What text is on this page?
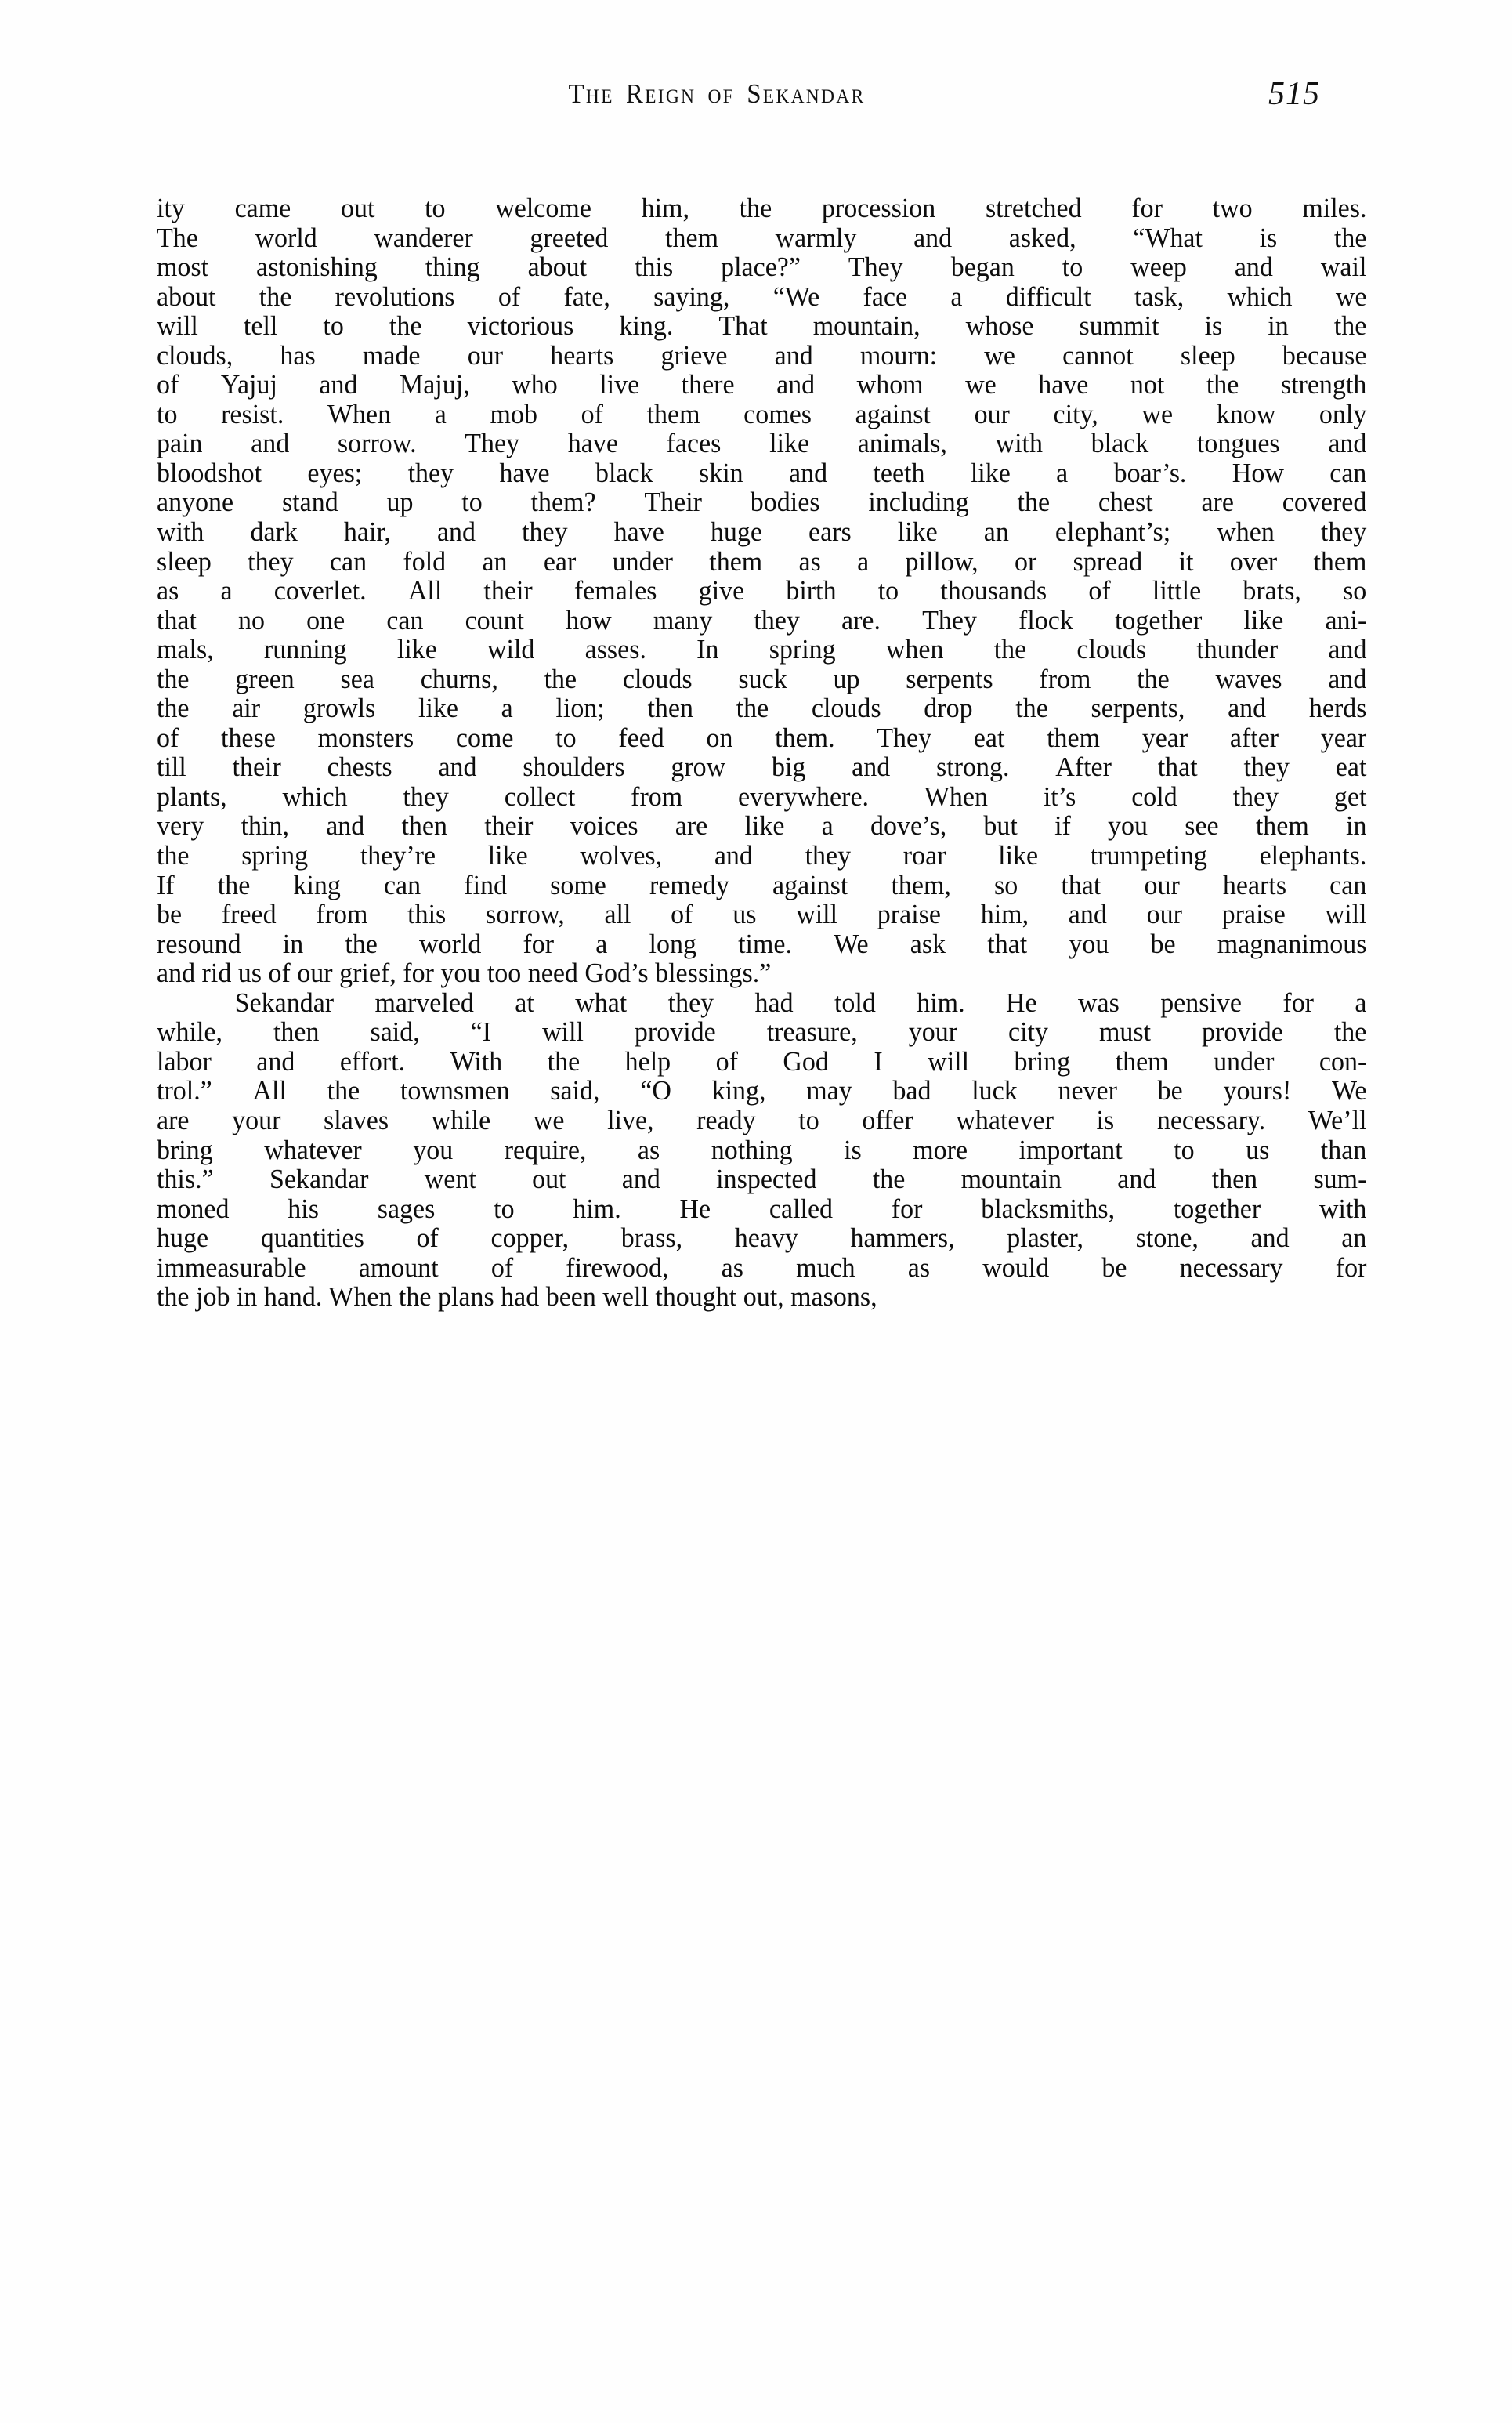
The Reign of Sekandar	515
ity came out to welcome him, the procession stretched for two miles.
The world wanderer greeted them warmly and asked, “What is the
most astonishing thing about this place?” They began to weep and wail
about the revolutions of fate, saying, “We face a difficult task, which we
will tell to the victorious king. That mountain, whose summit is in the
clouds, has made our hearts grieve and mourn: we cannot sleep because
of Yajuj and Majuj, who live there and whom we have not the strength
to resist. When a mob of them comes against our city, we know only
pain and sorrow. They have faces like animals, with black tongues and
bloodshot eyes; they have black skin and teeth like a boar’s. How can
anyone stand up to them? Their bodies including the chest are covered
with dark hair, and they have huge ears like an elephant’s; when they
sleep they can fold an ear under them as a pillow, or spread it over them
as a coverlet. All their females give birth to thousands of little brats, so
that no one can count how many they are. They flock together like ani-
mals, running like wild asses. In spring when the clouds thunder and
the green sea churns, the clouds suck up serpents from the waves and
the air growls like a lion; then the clouds drop the serpents, and herds
of these monsters come to feed on them. They eat them year after year
till their chests and shoulders grow big and strong. After that they eat
plants, which they collect from everywhere. When it’s cold they get
very thin, and then their voices are like a dove’s, but if you see them in
the spring they’re like wolves, and they roar like trumpeting elephants.
If the king can find some remedy against them, so that our hearts can
be freed from this sorrow, all of us will praise him, and our praise will
resound in the world for a long time. We ask that you be magnanimous
and rid us of our grief, for you too need God’s blessings.”
Sekandar marveled at what they had told him. He was pensive for a
while, then said, “I will provide treasure, your city must provide the
labor and effort. With the help of God I will bring them under con-
trol.” All the townsmen said, “O king, may bad luck never be yours! We
are your slaves while we live, ready to offer whatever is necessary. We’ll
bring whatever you require, as nothing is more important to us than
this.” Sekandar went out and inspected the mountain and then sum-
moned his sages to him. He called for blacksmiths, together with
huge quantities of copper, brass, heavy hammers, plaster, stone, and an
immeasurable amount of firewood, as much as would be necessary for
the job in hand. When the plans had been well thought out, masons,
